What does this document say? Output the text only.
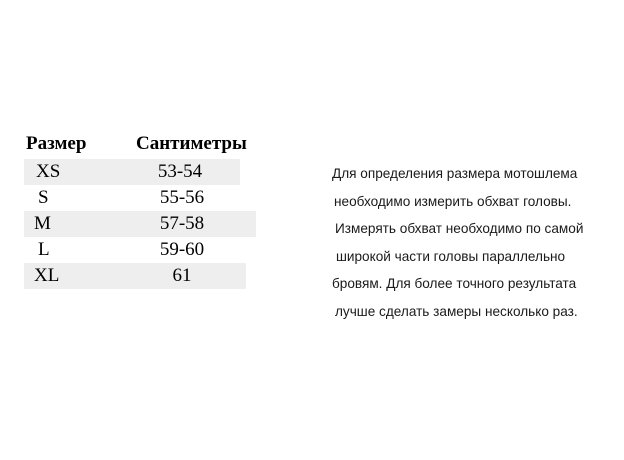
Размер	Сантиметры
XS	53-54
S	55-56
M	57-58
L	59-60
XL	61
Для определения размера мотошлема
необходимо измерить обхват головы.
Измерять обхват необходимо по самой
широкой части головы параллельно
бровям. Для более точного результата
лучше сделать замеры несколько раз.
